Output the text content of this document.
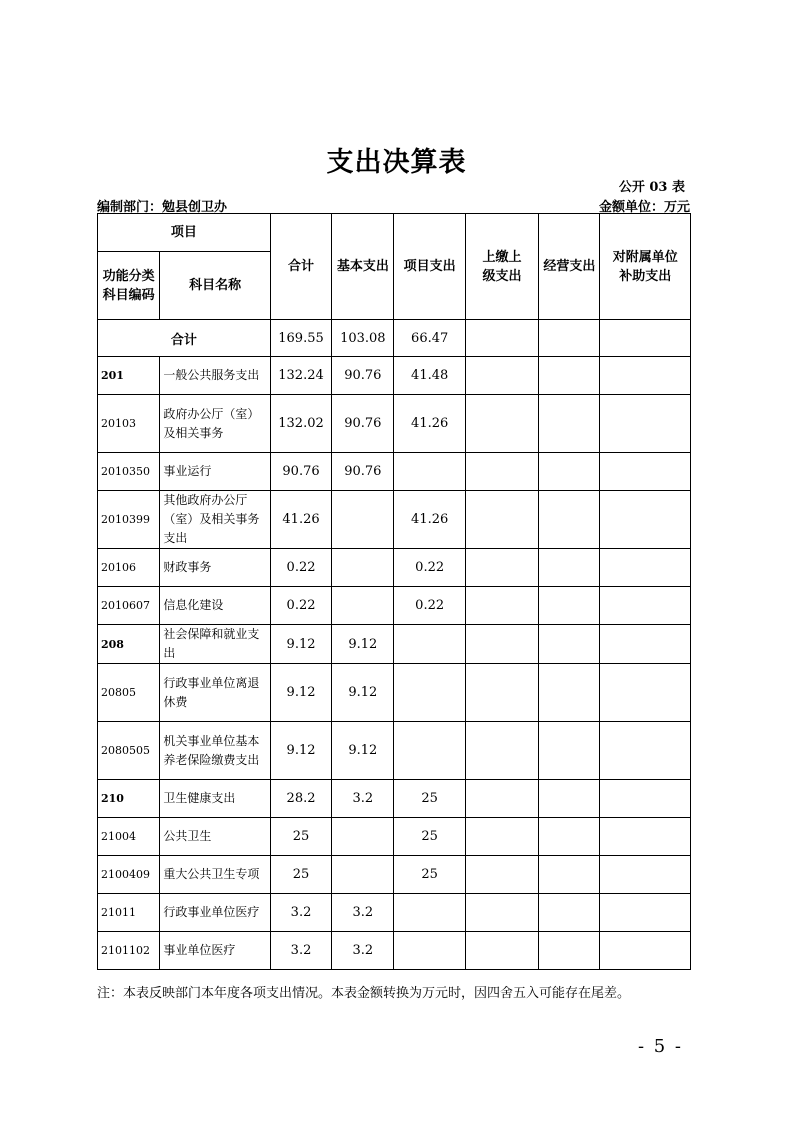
支出决算表
公开 03 表
编制部门：勉县创卫办	金额单位：万元
项目		合计	基本支出	项目支出	上缴上
级支出	经营支出	对附属单位
补助支出
功能分类
科目编码	科目名称						
合计		169.55	103.08	66.47			
201	一般公共服务支出	132.24	90.76	41.48			
20103	政府办公厅（室）及相关事务	132.02	90.76	41.26			
2010350	事业运行	90.76	90.76				
2010399	其他政府办公厅（室）及相关事务支出	41.26		41.26			
20106	财政事务	0.22		0.22			
2010607	信息化建设	0.22		0.22			
208	社会保障和就业支出	9.12	9.12				
20805	行政事业单位离退休费	9.12	9.12				
2080505	机关事业单位基本养老保险缴费支出	9.12	9.12				
210	卫生健康支出	28.2	3.2	25			
21004	公共卫生	25		25			
2100409	重大公共卫生专项	25		25			
21011	行政事业单位医疗	3.2	3.2				
2101102	事业单位医疗	3.2	3.2				
注：本表反映部门本年度各项支出情况。本表金额转换为万元时，因四舍五入可能存在尾差。
- 5 -
